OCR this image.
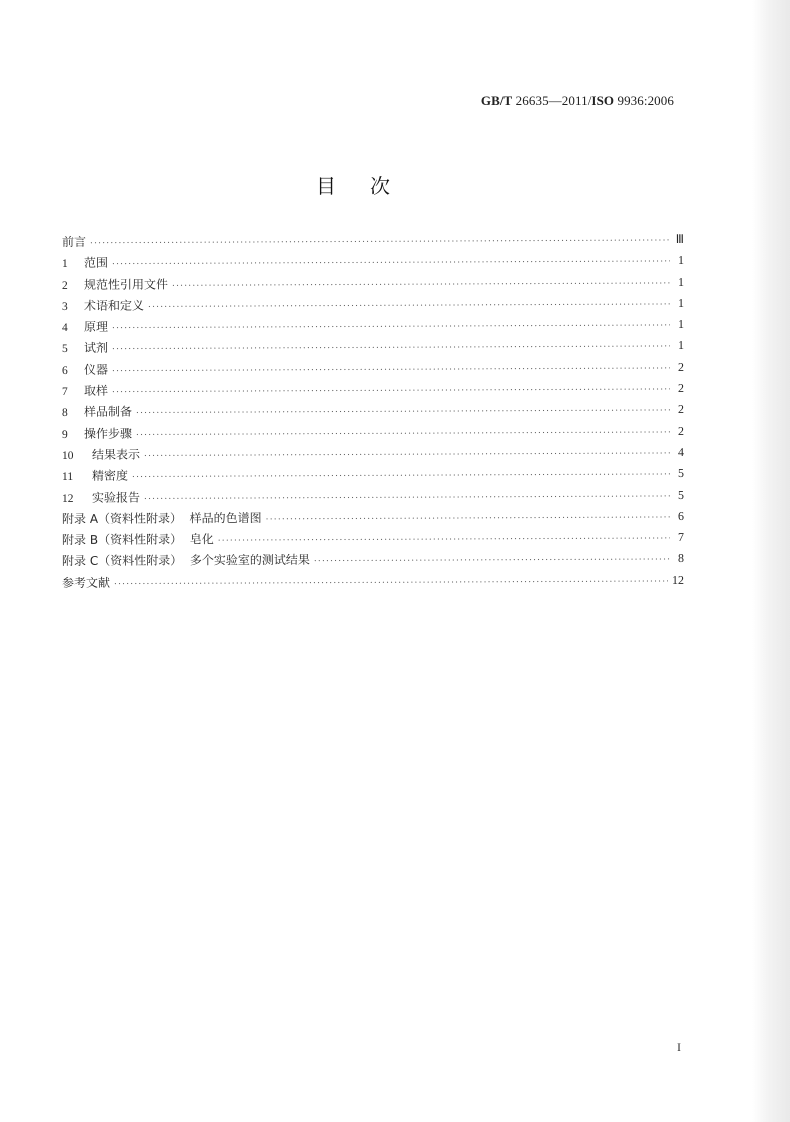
GB/T 26635—2011/ISO 9936:2006
目次
前言 ·····	Ⅲ
1	范围 ·····	1
2	规范性引用文件 ·····	1
3	术语和定义 ·····	1
4	原理 ·····	1
5	试剂 ·····	1
6	仪器 ·····	2
7	取样 ·····	2
8	样品制备 ·····	2
9	操作步骤 ·····	2
10	结果表示 ·····	4
11	精密度 ·····	5
12	实验报告 ·····	5
附录 A（资料性附录）  样品的色谱图 ·····	6
附录 B（资料性附录）  皂化 ·····	7
附录 C（资料性附录）  多个实验室的测试结果 ·····	8
参考文献 ·····	12
I
